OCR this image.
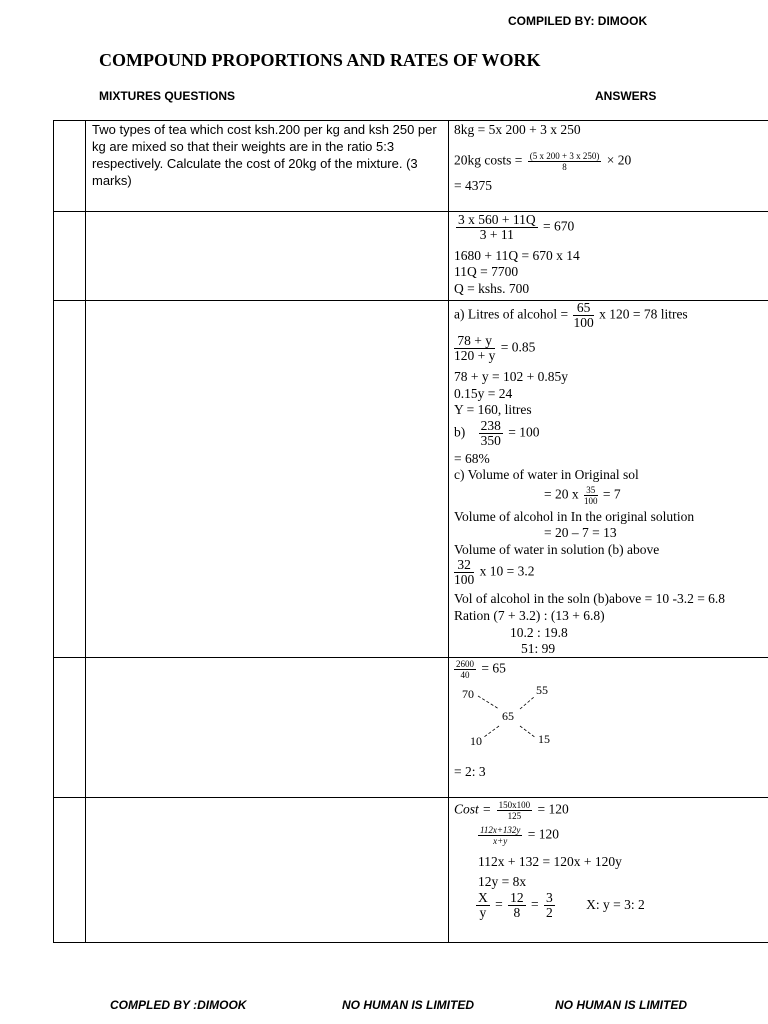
COMPILED BY: DIMOOK
COMPOUND PROPORTIONS AND RATES OF WORK
MIXTURES QUESTIONS	ANSWERS
Two types of tea which cost ksh.200 per kg and ksh 250 per kg are mixed so that their weights are in the ratio 5:3 respectively. Calculate the cost of 20kg of the mixture. (3 marks)
8kg = 5x 200 + 3 x 250
20kg costs = $\frac{(5 x 200 + 3 x 250)}{8} \times 20$
= 4375
$\frac{3 x 560 + 11Q}{3 + 11} = 670$
1680 + 11Q = 670 x 14
11Q = 7700
Q = kshs. 700
a) Litres of alcohol = $\frac{65}{100}$ x 120 = 78 litres
$\frac{78 + y}{120 + y} = 0.85$
78 + y = 102 + 0.85y
0.15y = 24
Y = 160, litres
$b) \frac{238}{350} = 100$
= 68%
c) Volume of water in Original sol
= 20 x $\frac{35}{100} = 7$
Volume of alcohol in In the original solution
= 20 – 7 = 13
Volume of water in solution (b) above
$\frac{32}{100}$ x 10 = 3.2
Vol of alcohol in the soln (b)above = 10 -3.2 = 6.8
Ration (7 + 3.2) : (13 + 6.8)
10.2 : 19.8
51: 99
$\frac{2600}{40} = 65$
70	55
65
10	15
= 2: 3
Cost = $\frac{150x100}{125} = 120$
$\frac{112x+132y}{x+y} = 120$
112x + 132 = 120x + 120y
12y = 8x
$\frac{X}{y} = \frac{12}{8} = \frac{3}{2} X$: y = 3: 2
COMPLED BY :DIMOOK	NO HUMAN IS LIMITED	NO HUMAN IS LIMITED
